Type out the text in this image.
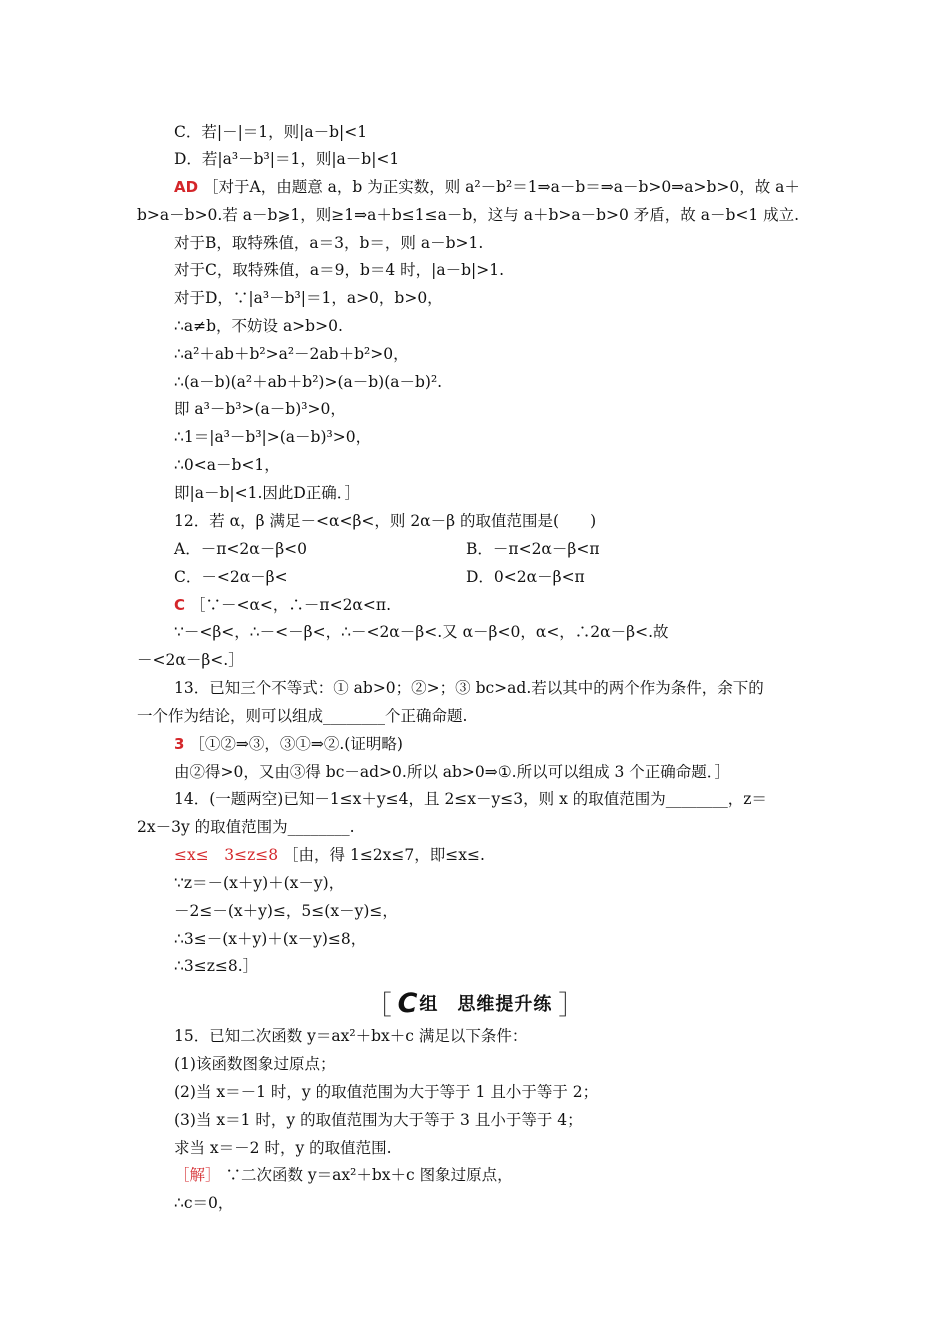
C．若|－|＝1，则|a－b|<1
D．若|a³－b³|＝1，则|a－b|<1
AD ［对于A，由题意 a，b 为正实数，则 a²－b²＝1⇒a－b＝⇒a－b>0⇒a>b>0，故 a＋
b>a－b>0.若 a－b⩾1，则≥1⇒a＋b≤1≤a－b，这与 a＋b>a－b>0 矛盾，故 a－b<1 成立.
对于B，取特殊值，a＝3，b＝，则 a－b>1.
对于C，取特殊值，a＝9，b＝4 时，|a－b|>1.
对于D，∵|a³－b³|＝1，a>0，b>0，
∴a≠b，不妨设 a>b>0.
∴a²＋ab＋b²>a²－2ab＋b²>0，
∴(a－b)(a²＋ab＋b²)>(a－b)(a－b)².
即 a³－b³>(a－b)³>0，
∴1＝|a³－b³|>(a－b)³>0，
∴0<a－b<1，
即|a－b|<1.因此D正确．］
12．若 α，β 满足－<α<β<，则 2α－β 的取值范围是(　　)
A．－π<2α－β<0	B．－π<2α－β<π
C．－<2α－β<	D．0<2α－β<π
C ［∵－<α<，∴－π<2α<π.
∵－<β<，∴－<－β<，∴－<2α－β<.又 α－β<0，α<，∴2α－β<.故
－<2α－β<.］
13．已知三个不等式：① ab>0；②>；③ bc>ad.若以其中的两个作为条件，余下的
一个作为结论，则可以组成________个正确命题.
3 ［①②⇒③，③①⇒②.(证明略)
由②得>0，又由③得 bc－ad>0.所以 ab>0⇒①.所以可以组成 3 个正确命题．］
14．(一题两空)已知－1≤x＋y≤4，且 2≤x－y≤3，则 x 的取值范围为________，z＝
2x－3y 的取值范围为________.
≤x≤　3≤z≤8 ［由，得 1≤2x≤7，即≤x≤.
∵z＝－(x＋y)＋(x－y)，
－2≤－(x＋y)≤，5≤(x－y)≤，
∴3≤－(x＋y)＋(x－y)≤8，
∴3≤z≤8.］
［ C 组　思维提升练 ］
15．已知二次函数 y＝ax²＋bx＋c 满足以下条件：
(1)该函数图象过原点；
(2)当 x＝－1 时，y 的取值范围为大于等于 1 且小于等于 2；
(3)当 x＝1 时，y 的取值范围为大于等于 3 且小于等于 4；
求当 x＝－2 时，y 的取值范围.
［解］ ∵二次函数 y＝ax²＋bx＋c 图象过原点，
∴c＝0，
